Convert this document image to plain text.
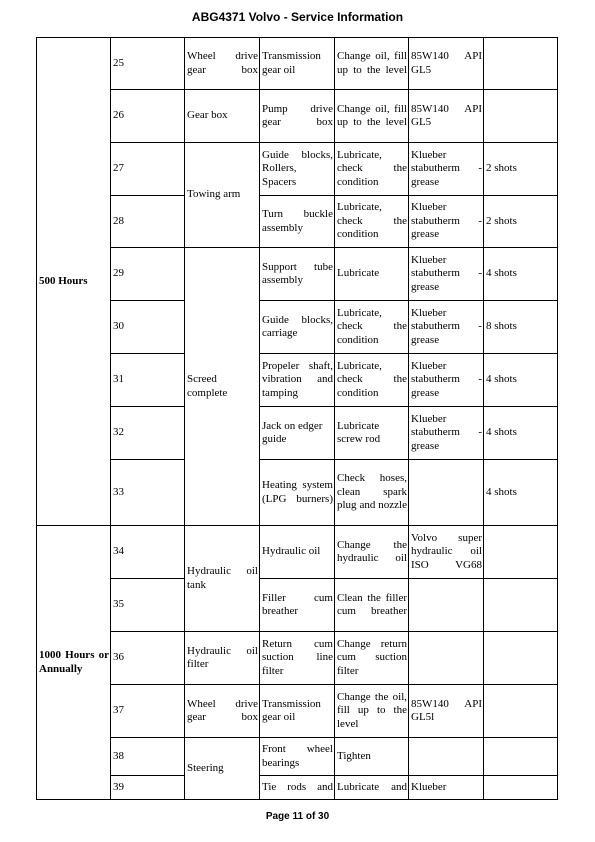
ABG4371 Volvo - Service Information
500 Hours	25	Wheel drive gear box	Transmission gear oil	Change oil, fill up to the level	85W140 API GL5	
	26	Gear box	Pump drive gear box	Change oil, fill up to the level	85W140 API GL5	
	27	Towing arm	Guide blocks, Rollers, Spacers	Lubricate, check the condition	Klueber stabutherm - grease	2 shots
	28		Turn buckle assembly	Lubricate, check the condition	Klueber stabutherm - grease	2 shots
	29	Screed complete	Support tube assembly	Lubricate	Klueber stabutherm - grease	4 shots
	30		Guide blocks, carriage	Lubricate, check the condition	Klueber stabutherm - grease	8 shots
	31		Propeler shaft, vibration and tamping	Lubricate, check the condition	Klueber stabutherm - grease	4 shots
	32		Jack on edger guide	Lubricate screw rod	Klueber stabutherm - grease	4 shots
	33		Heating system (LPG burners)	Check hoses, clean spark plug and nozzle		4 shots
1000 Hours or Annually	34	Hydraulic oil tank	Hydraulic oil	Change the hydraulic oil	Volvo super hydraulic oil ISO VG68	
	35		Filler cum breather	Clean the filler cum breather		
	36	Hydraulic oil filter	Return cum suction line filter	Change return cum suction filter		
	37	Wheel drive gear box	Transmission gear oil	Change the oil, fill up to the level	85W140 API GL5l	
	38	Steering	Front wheel bearings	Tighten		
	39		Tie rods and	Lubricate and	Klueber	
Page 11 of 30
